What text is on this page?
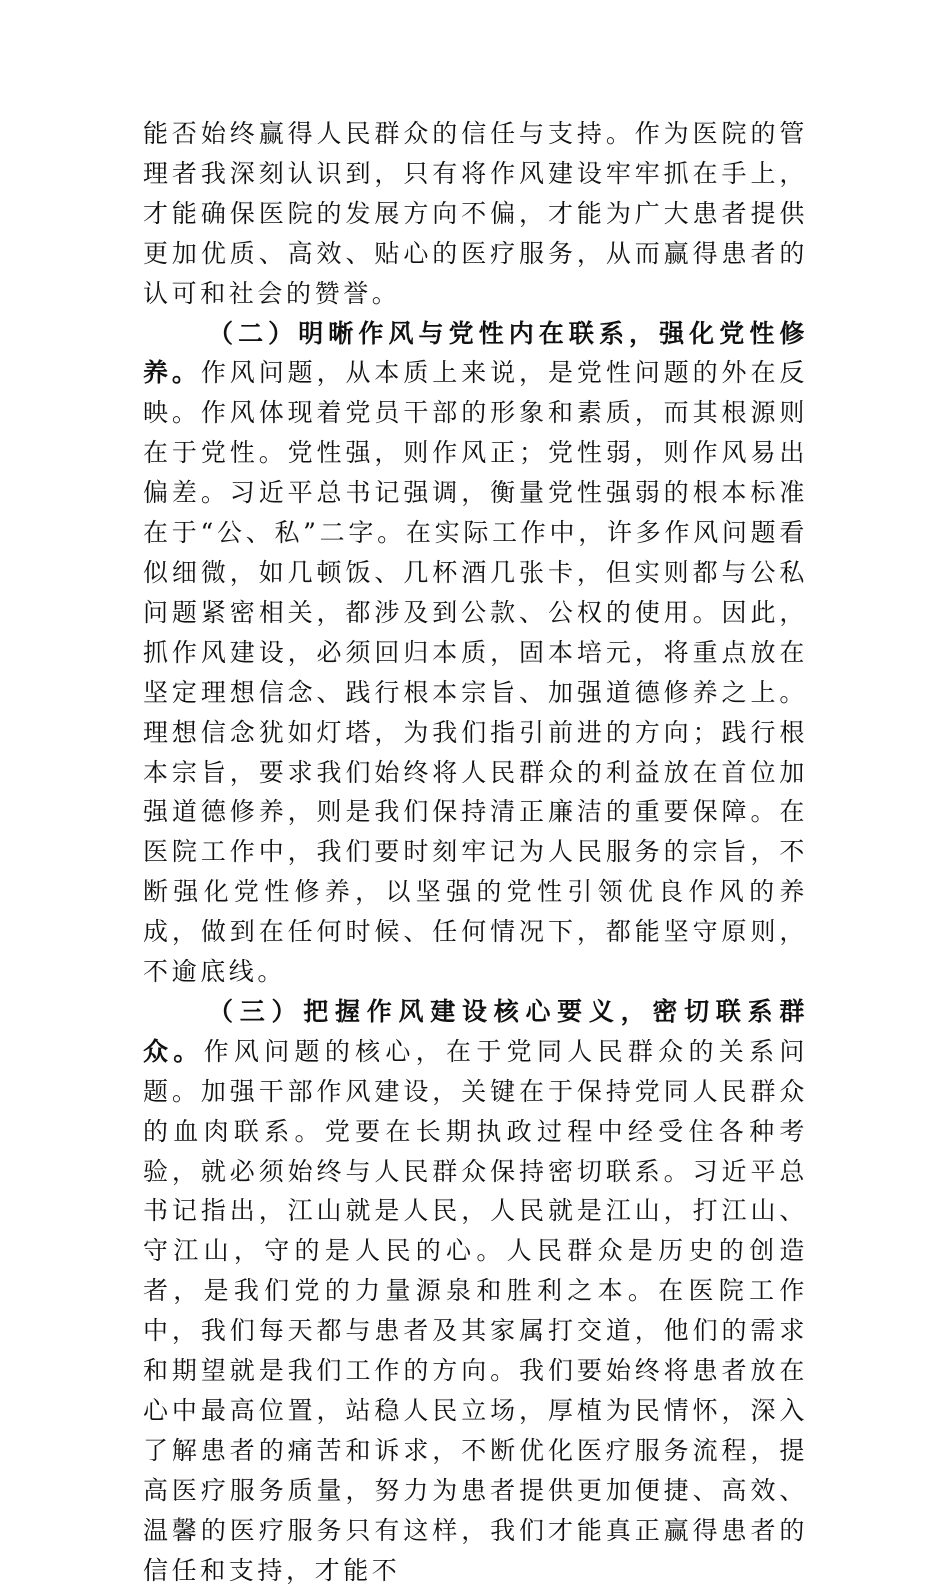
能否始终赢得人民群众的信任与支持。作为医院的管理者我深刻认识到，只有将作风建设牢牢抓在手上，才能确保医院的发展方向不偏，才能为广大患者提供更加优质、高效、贴心的医疗服务，从而赢得患者的认可和社会的赞誉。

（二）明晰作风与党性内在联系，强化党性修养。作风问题，从本质上来说，是党性问题的外在反映。作风体现着党员干部的形象和素质，而其根源则在于党性。党性强，则作风正；党性弱，则作风易出偏差。习近平总书记强调，衡量党性强弱的根本标准在于“公、私”二字。在实际工作中，许多作风问题看似细微，如几顿饭、几杯酒几张卡，但实则都与公私问题紧密相关，都涉及到公款、公权的使用。因此，抓作风建设，必须回归本质，固本培元，将重点放在坚定理想信念、践行根本宗旨、加强道德修养之上。理想信念犹如灯塔，为我们指引前进的方向；践行根本宗旨，要求我们始终将人民群众的利益放在首位加强道德修养，则是我们保持清正廉洁的重要保障。在医院工作中，我们要时刻牢记为人民服务的宗旨，不断强化党性修养，以坚强的党性引领优良作风的养成，做到在任何时候、任何情况下，都能坚守原则，不逾底线。

（三）把握作风建设核心要义，密切联系群众。作风问题的核心，在于党同人民群众的关系问题。加强干部作风建设，关键在于保持党同人民群众的血肉联系。党要在长期执政过程中经受住各种考验，就必须始终与人民群众保持密切联系。习近平总书记指出，江山就是人民，人民就是江山，打江山、守江山，守的是人民的心。人民群众是历史的创造者，是我们党的力量源泉和胜利之本。在医院工作中，我们每天都与患者及其家属打交道，他们的需求和期望就是我们工作的方向。我们要始终将患者放在心中最高位置，站稳人民立场，厚植为民情怀，深入了解患者的痛苦和诉求，不断优化医疗服务流程，提高医疗服务质量，努力为患者提供更加便捷、高效、温馨的医疗服务只有这样，我们才能真正赢得患者的信任和支持，才能不
